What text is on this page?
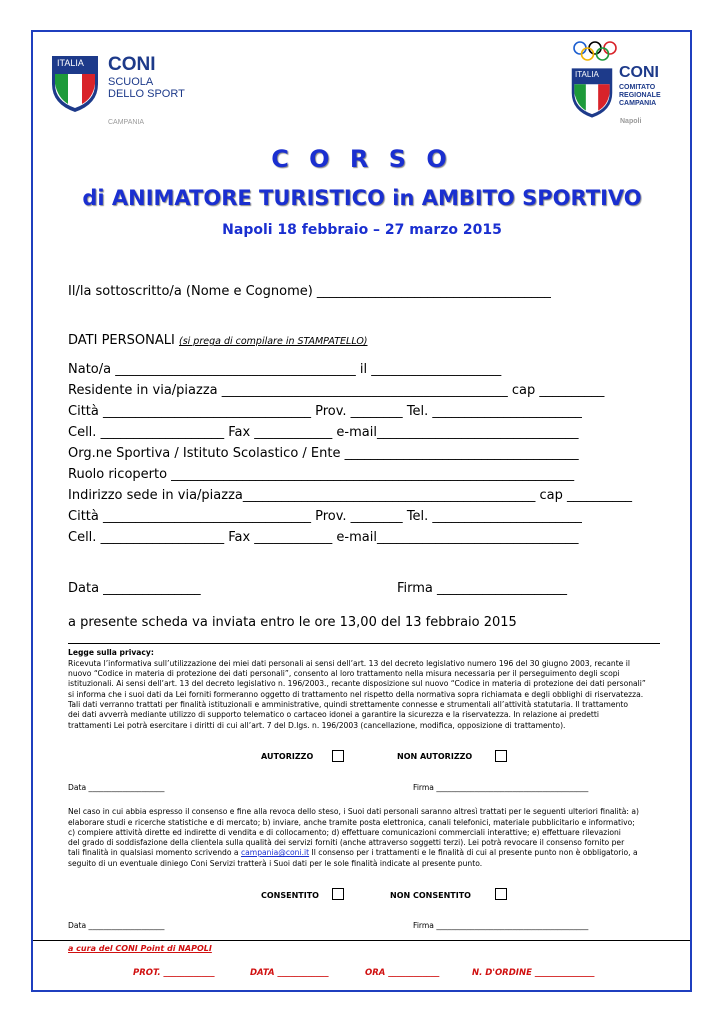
ITALIA CONI
SCUOLA
DELLO SPORT
CAMPANIA
ITALIA CONI
COMITATO
REGIONALE
CAMPANIA
Napoli
C O R S O
di ANIMATORE TURISTICO in AMBITO SPORTIVO
Napoli 18 febbraio – 27 marzo 2015
Il/la sottoscritto/a (Nome e Cognome) ____________________________________
DATI PERSONALI (si prega di compilare in STAMPATELLO)
Nato/a _____________________________________ il ____________________
Residente in via/piazza ____________________________________________ cap __________
Città ________________________________ Prov. ________ Tel. _______________________
Cell. ___________________ Fax ____________ e-mail_______________________________
Org.ne Sportiva / Istituto Scolastico / Ente ____________________________________
Ruolo ricoperto ______________________________________________________________
Indirizzo sede in via/piazza_____________________________________________ cap __________
Città ________________________________ Prov. ________ Tel. _______________________
Cell. ___________________ Fax ____________ e-mail_______________________________
Data _______________	Firma ____________________
a presente scheda va inviata entro le ore 13,00 del 13 febbraio 2015
Legge sulla privacy:
Ricevuta l’informativa sull’utilizzazione dei miei dati personali ai sensi dell’art. 13 del decreto legislativo numero 196 del 30 giugno 2003, recante il
nuovo “Codice in materia di protezione dei dati personali”, consento al loro trattamento nella misura necessaria per il perseguimento degli scopi
istituzionali. Ai sensi dell’art. 13 del decreto legislativo n. 196/2003., recante disposizione sul nuovo “Codice in materia di protezione dei dati personali”
si informa che i suoi dati da Lei forniti formeranno oggetto di trattamento nel rispetto della normativa sopra richiamata e degli obblighi di riservatezza.
Tali dati verranno trattati per finalità istituzionali e amministrative, quindi strettamente connesse e strumentali all’attività statutaria. Il trattamento
dei dati avverrà mediante utilizzo di supporto telematico o cartaceo idonei a garantire la sicurezza e la riservatezza. In relazione ai predetti
trattamenti Lei potrà esercitare i diritti di cui all’art. 7 del D.lgs. n. 196/2003 (cancellazione, modifica, opposizione di trattamento).
AUTORIZZO	NON AUTORIZZO
Data ____________________	Firma ________________________________________
Nel caso in cui abbia espresso il consenso e fine alla revoca dello steso, i Suoi dati personali saranno altresì trattati per le seguenti ulteriori finalità: a)
elaborare studi e ricerche statistiche e di mercato; b) inviare, anche tramite posta elettronica, canali telefonici, materiale pubblicitario e informativo;
c) compiere attività dirette ed indirette di vendita e di collocamento; d) effettuare comunicazioni commerciali interattive; e) effettuare rilevazioni
del grado di soddisfazione della clientela sulla qualità dei servizi forniti (anche attraverso soggetti terzi). Lei potrà revocare il consenso fornito per
tali finalità in qualsiasi momento scrivendo a campania@coni.it Il consenso per i trattamenti e le finalità di cui al presente punto non è obbligatorio, a
seguito di un eventuale diniego Coni Servizi tratterà i Suoi dati per le sole finalità indicate al presente punto.
CONSENTITO	NON CONSENTITO
Data ____________________	Firma ________________________________________
a cura del CONI Point di NAPOLI
PROT. ____________	DATA ____________	ORA ____________	N. D'ORDINE ______________
